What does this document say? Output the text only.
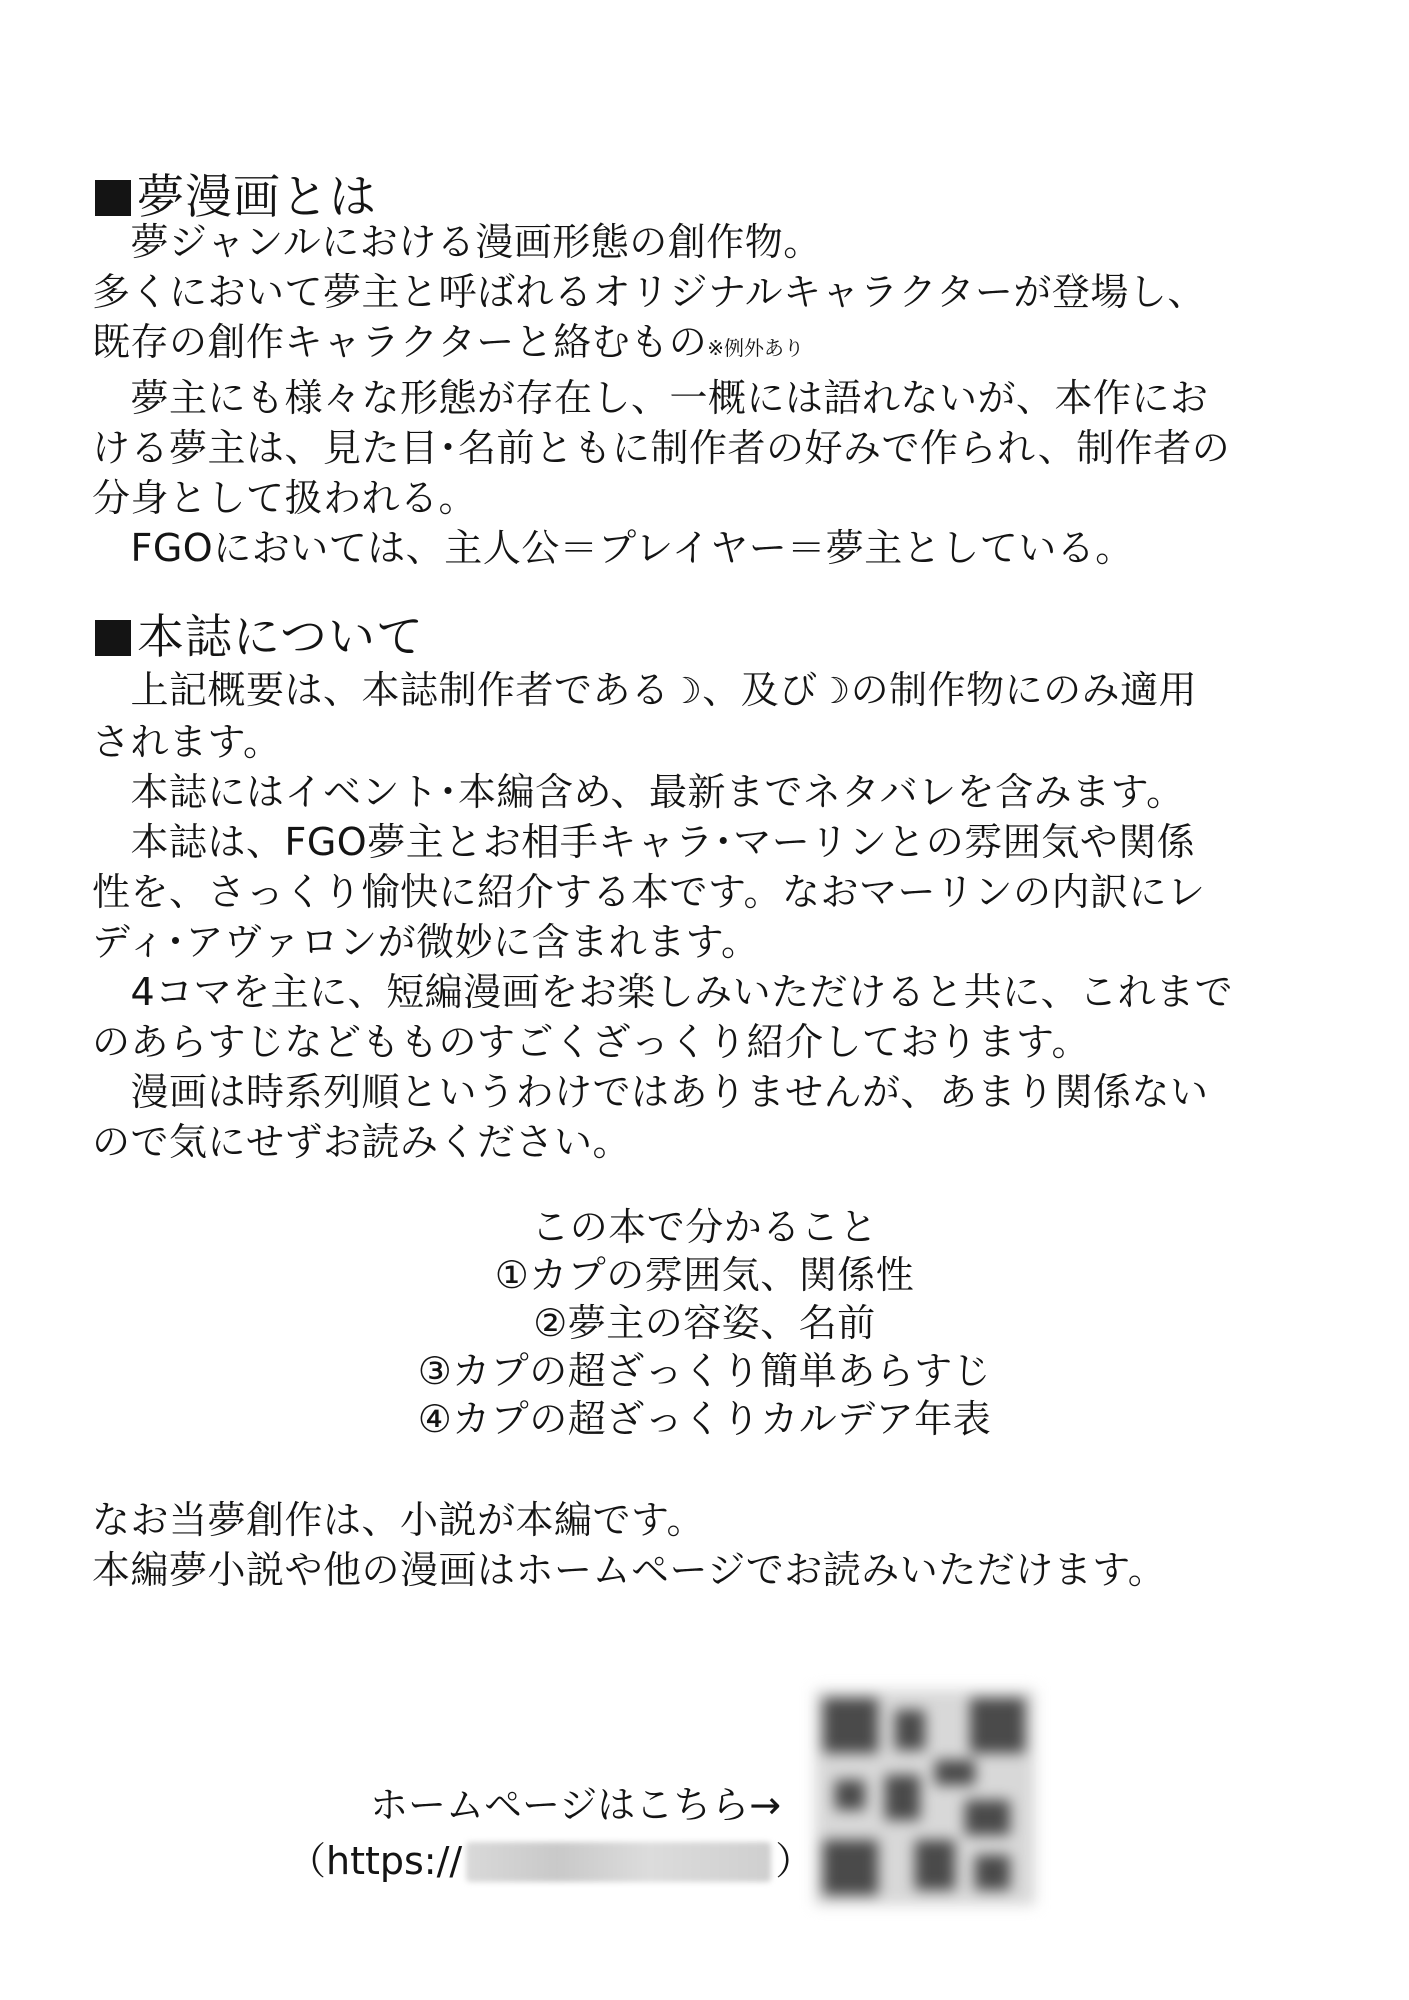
夢漫画とは

　夢ジャンルにおける漫画形態の創作物。

多くにおいて夢主と呼ばれるオリジナルキャラクターが登場し、

既存の創作キャラクターと絡むもの※例外あり

　夢主にも様々な形態が存在し、一概には語れないが、本作にお

ける夢主は、見た目･名前ともに制作者の好みで作られ、制作者の

分身として扱われる。

　FGOにおいては、主人公＝プレイヤー＝夢主としている。

本誌について

　上記概要は、本誌制作者である☽、及び☽の制作物にのみ適用

されます。

　本誌にはイベント･本編含め、最新までネタバレを含みます。

　本誌は、FGO夢主とお相手キャラ･マーリンとの雰囲気や関係

性を、さっくり愉快に紹介する本です。なおマーリンの内訳にレ

ディ･アヴァロンが微妙に含まれます。

　4コマを主に、短編漫画をお楽しみいただけると共に、これまで

のあらすじなどもものすごくざっくり紹介しております。

　漫画は時系列順というわけではありませんが、あまり関係ない

ので気にせずお読みください。

この本で分かること
①カプの雰囲気、関係性
②夢主の容姿、名前
③カプの超ざっくり簡単あらすじ
④カプの超ざっくりカルデア年表

なお当夢創作は、小説が本編です。

本編夢小説や他の漫画はホームページでお読みいただけます。

ホームページはこちら→

（https://	）
